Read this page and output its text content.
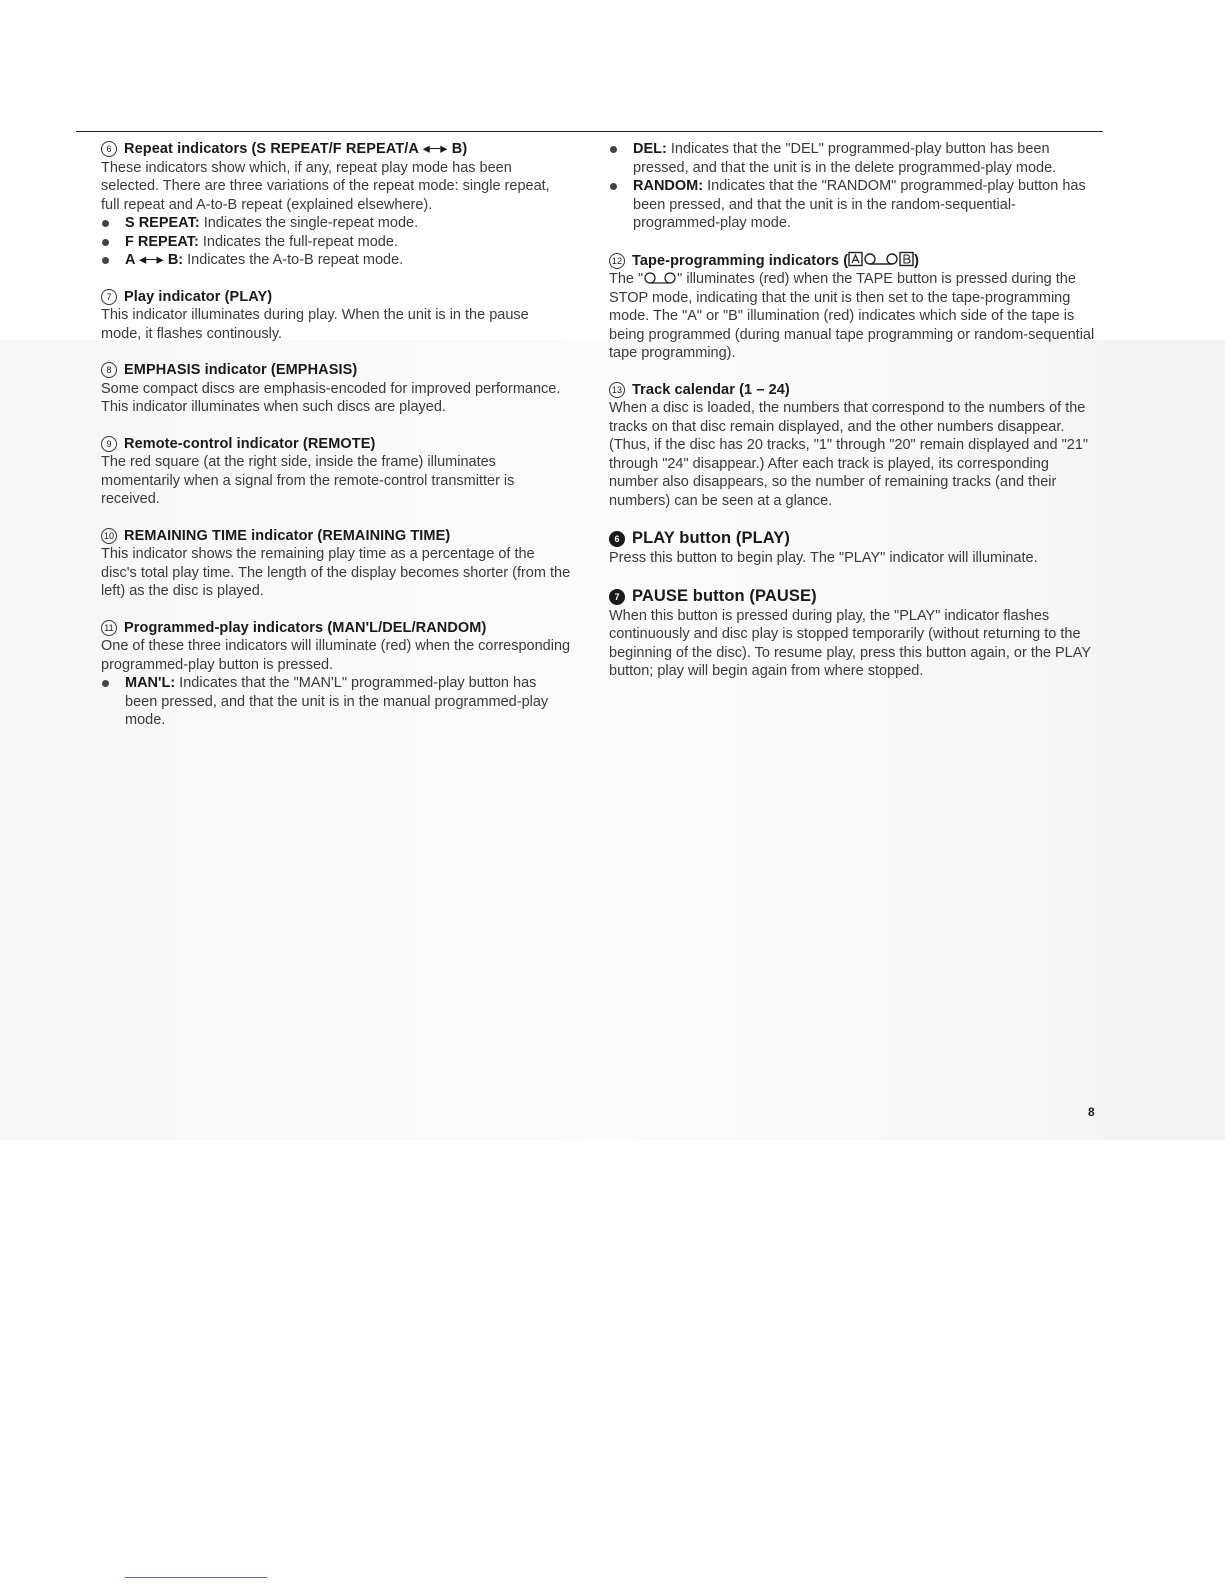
6 Repeat indicators (S REPEAT/F REPEAT/A ◂─▸ B)

These indicators show which, if any, repeat play mode has been selected. There are three variations of the repeat mode: single repeat, full repeat and A-to-B repeat (explained elsewhere).

S REPEAT: Indicates the single-repeat mode.

F REPEAT: Indicates the full-repeat mode.

A ◂─▸ B: Indicates the A-to-B repeat mode.

7 Play indicator (PLAY)

This indicator illuminates during play. When the unit is in the pause mode, it flashes continously.

8 EMPHASIS indicator (EMPHASIS)

Some compact discs are emphasis-encoded for improved performance. This indicator illuminates when such discs are played.

9 Remote-control indicator (REMOTE)

The red square (at the right side, inside the frame) illuminates momentarily when a signal from the remote-control transmitter is received.

10 REMAINING TIME indicator (REMAINING TIME)

This indicator shows the remaining play time as a percentage of the disc's total play time. The length of the display becomes shorter (from the left) as the disc is played.

11 Programmed-play indicators (MAN'L/DEL/RANDOM)

One of these three indicators will illuminate (red) when the corresponding programmed-play button is pressed.

MAN'L: Indicates that the "MAN'L" programmed-play button has been pressed, and that the unit is in the manual programmed-play mode.

DEL: Indicates that the "DEL" programmed-play button has been pressed, and that the unit is in the delete programmed-play mode.

RANDOM: Indicates that the "RANDOM" programmed-play button has been pressed, and that the unit is in the random-sequential-programmed-play mode.

12 Tape-programming indicators (	)

The " " illuminates (red) when the TAPE button is pressed during the STOP mode, indicating that the unit is then set to the tape-programming mode. The "A" or "B" illumination (red) indicates which side of the tape is being programmed (during manual tape programming or random-sequential tape programming).

13 Track calendar (1 – 24)

When a disc is loaded, the numbers that correspond to the numbers of the tracks on that disc remain displayed, and the other numbers disappear. (Thus, if the disc has 20 tracks, "1" through "20" remain displayed and "21" through "24" disappear.) After each track is played, its corresponding number also disappears, so the number of remaining tracks (and their numbers) can be seen at a glance.

6 PLAY button (PLAY)

Press this button to begin play. The "PLAY" indicator will illuminate.

7 PAUSE button (PAUSE)

When this button is pressed during play, the "PLAY" indicator flashes continuously and disc play is stopped temporarily (without returning to the beginning of the disc). To resume play, press this button again, or the PLAY button; play will begin again from where stopped.

8
